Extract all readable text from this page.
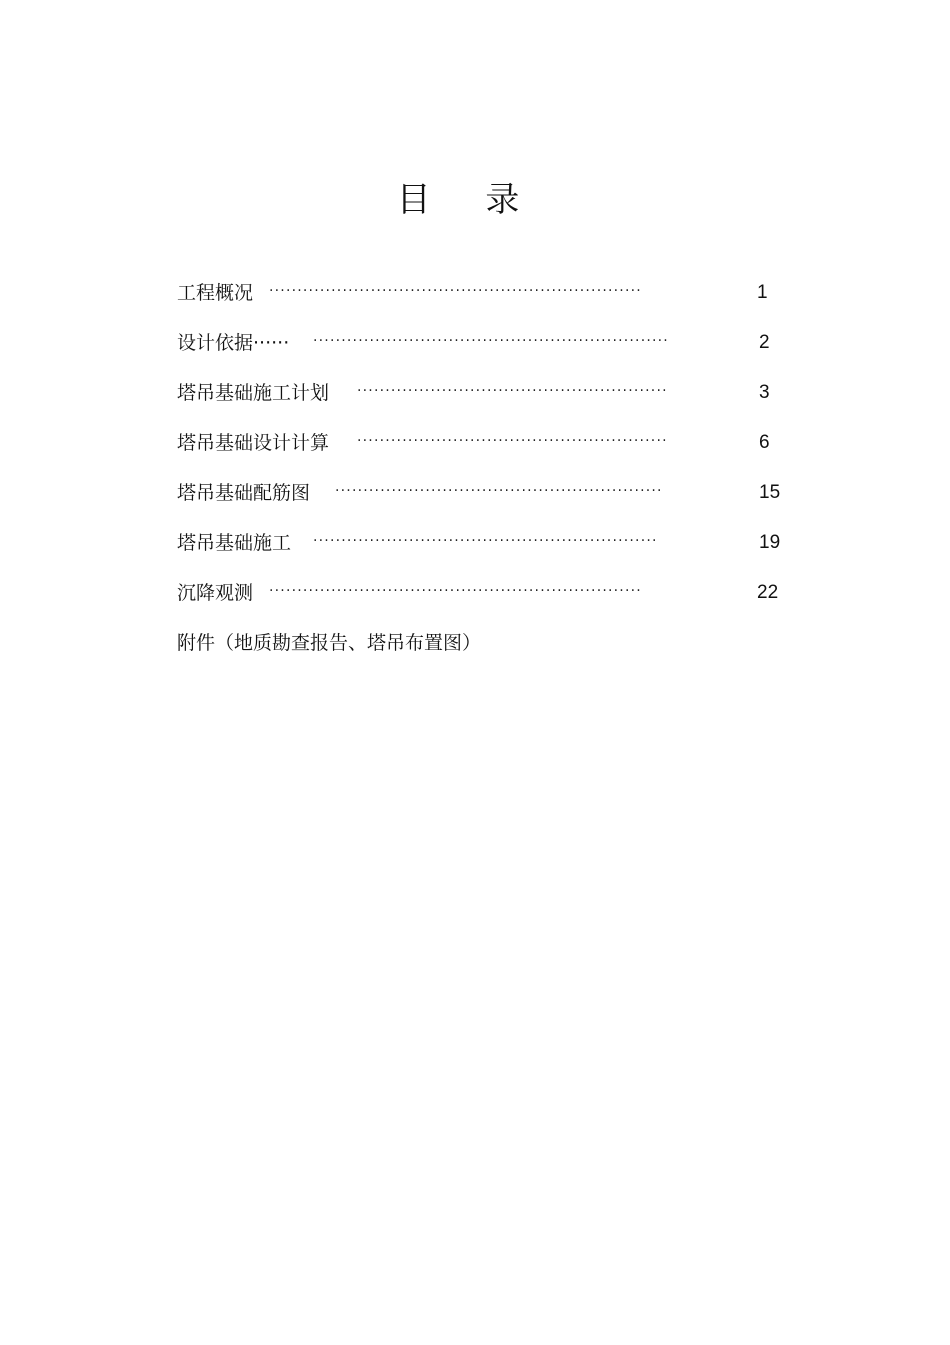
目 录
工程概况 ··································································	1
设计依据······ ·······························································	2
塔吊基础施工计划 ·······················································	3
塔吊基础设计计算 ·······················································	6
塔吊基础配筋图 ··························································	15
塔吊基础施工 ·····························································	19
沉降观测 ··································································	22
附件（地质勘查报告、塔吊布置图）
